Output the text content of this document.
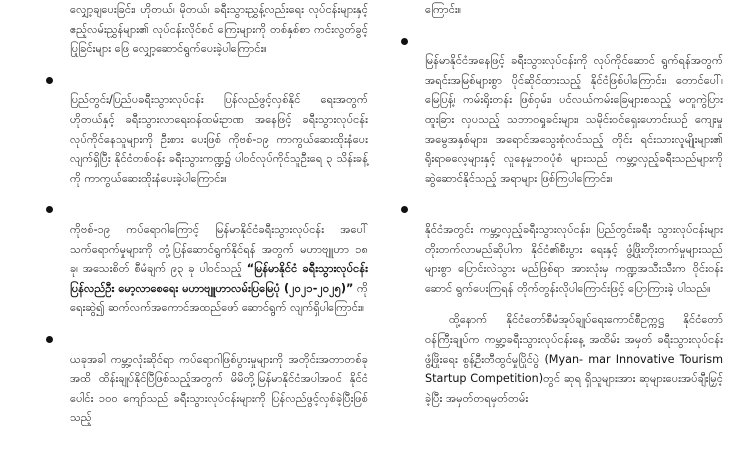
လျှော့ချပေးခြင်း၊ ဟိုတယ်၊ မိုတယ်၊ ခရီးသွားညွှန့်လည်းရေး လုပ်ငန်းများနှင့် ဧည့်လမ်းညွှန်များ၏ လုပ်ငန်းလိုင်စင် ကြေးများကို တစ်နှစ်စာ ကင်းလွတ်ခွင့်ပြုခြင်းများ ဖြေ လျှော့ဆောင်ရွက်ပေးခဲ့ပါကြောင်း။

ပြည်တွင်း/ပြည်ပခရီးသွားလုပ်ငန်း ပြန်လည်ဖွင့်လှစ်နိုင် ရေးအတွက် ဟိုတယ်နှင့် ခရီးသွားလာရေးဝန်ထမ်းဥာဏ အနေဖြင့် ခရီးသွားလုပ်ငန်းလုပ်ကိုင်နေသူများကို ဦးစား ပေးဖြစ် ကိုဗစ်-၁၉ ကာကွယ်ဆေးထိုးနံပေးလျက်ရှိပြီး နိုင်ငံတစ်ဝန်း ခရီးသွားကဏ္ဍ၌ ပါဝင်လုပ်ကိုင်သူဦးရေ ၃ သိန်းခန့်ကို ကာကွယ်ဆေးထိုးနံပေးခဲ့ပါကြောင်း။

ကိုဗစ်-၁၉ ကပ်ရောဂါကြောင့် မြန်မာနိုင်ငံခရီးသွားလုပ်ငန်း အပေါ် သက်ရောက်မှုများကို တုံ့ပြန်ဆောင်ရွက်နိုင်ရန် အတွက် မဟာဗျူဟာ ၁၈ ခု၊ အသေးစိတ် စီမံချက် ၉၃ ခု ပါဝင်သည့် “မြန်မာနိုင်ငံ ခရီးသွားလုပ်ငန်း ပြန်လည်ဦး မော့လာစေရေး မဟာဗျူဟာလမ်းပြမြေပုံ (၂၀၂၁-၂၀၂၅)” ကို ရေးဆွဲ၍ ဆက်လက်အကောင်အထည်ဖော် ဆောင်ရွက် လျက်ရှိပါကြောင်း။

ယခုအခါ ကမ္ဘာ့လုံးဆိုင်ရာ ကပ်ရောဂါဖြစ်ပွားမှုများကို အတိုင်းအတာတစ်ခုအထိ ထိန်းချုပ်နိုင်ပြီဖြစ်သည့်အတွက် မိမိတို့မြန်မာနိုင်ငံအပါအဝင် နိုင်ငံပေါင်း ၁၀၀ ကျော်သည် ခရီးသွားလုပ်ငန်းများကို ပြန်လည်ဖွင့်လှစ်ခဲ့ပြီးဖြစ်သည့်

ကြောင်း။

မြန်မာနိုင်ငံအနေဖြင့် ခရီးသွားလုပ်ငန်းကို လုပ်ကိုင်ဆောင် ရွက်ရန်အတွက် အရင်းအမြစ်များစွာ ပိုင်ဆိုင်ထားသည့် နိုင်ငံဖြစ်ပါကြောင်း၊ တောင်ပေါ်၊ မြေပြန့်၊ ကမ်းရိုးတန်း ဖြစ်ဝှမ်း၊ ပင်လယ်ကမ်းခြေများစသည့် မတူကွဲပြားထူးခြား လှပသည့် သဘာဝရှုခင်းများ၊ သမိုင်းဝင်ရှေးဟောင်းယဉ် ကျေးမှုအမွေအနှစ်များ၊ အရောင်အသွေးစုံလင်သည့် တိုင်း ရင်းသားလူမျိုးများ၏ ရိုးရာဓလေ့များနှင့် လူနေမှုဘဝပုံစံ များသည် ကမ္ဘာ့လှည့်ခရီးသည်များကို ဆွဲဆောင်နိုင်သည့် အရာများ ဖြစ်ကြပါကြောင်း။

နိုင်ငံအတွင်း ကမ္ဘာ့လှည့်ခရီးသွားလုပ်ငန်း၊ ပြည်တွင်းခရီး သွားလုပ်ငန်းများ တိုးတက်လာမည်ဆိုပါက နိုင်ငံ၏စီးပွား ရေးနှင့် ဖွံ့ဖြိုးတိုးတက်မှုများသည် များစွာ ပြောင်းလဲသွား မည်ဖြစ်ရာ အားလုံးမှ ကဏ္ဍအသီးသီးက ဝိုင်းဝန်းဆောင် ရွက်ပေးကြရန် တိုက်တွန်းလိုပါကြောင်းဖြင့် ပြောကြားခဲ့ ပါသည်။

ထို့နောက် နိုင်ငံတော်စီမံအုပ်ချုပ်ရေးကောင်စီဥက္ကဋ္ဌ နိုင်ငံတော်ဝန်ကြီးချုပ်က ကမ္ဘာ့ခရီးသွားလုပ်ငန်းနေ့ အထိမ်း အမှတ် ခရီးသွားလုပ်ငန်းဖွံ့ဖြိုးရေး စွန့်ဦးတီထွင်မှုပြိုင်ပွဲ (Myan- mar Innovative Tourism Startup Competition)တွင် ဆုရ ရှိသူများအား ဆုများပေးအပ်ချီးမြှင့်ခဲ့ပြီး အမှတ်တရမှတ်တမ်း
